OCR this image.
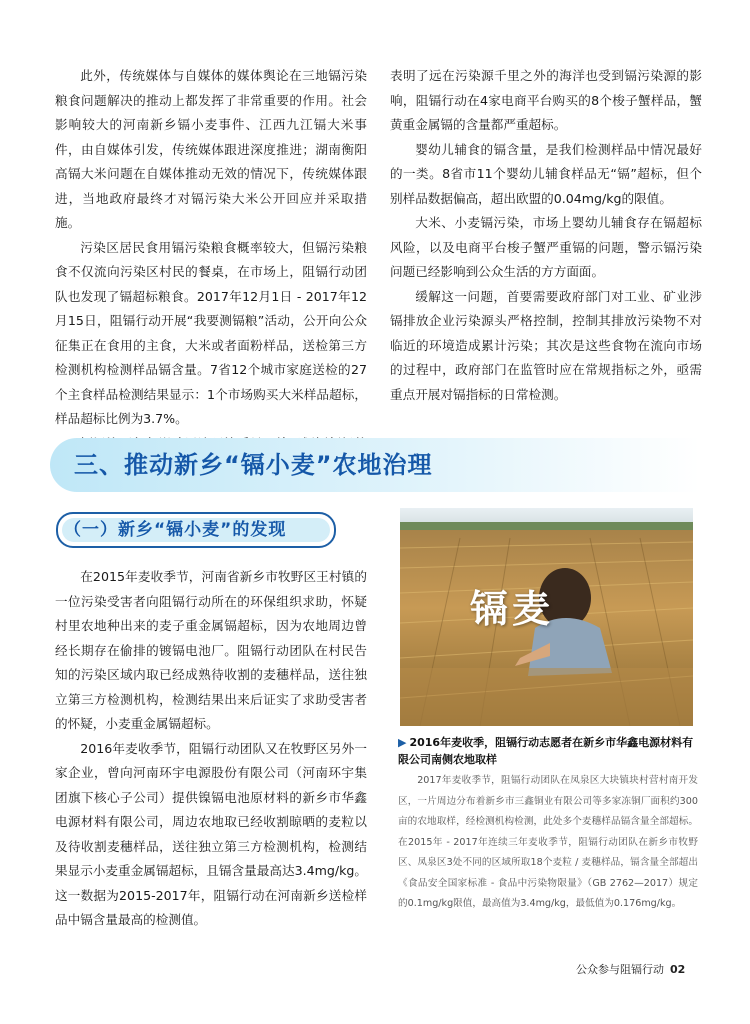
此外，传统媒体与自媒体的媒体舆论在三地镉污染粮食问题解决的推动上都发挥了非常重要的作用。社会影响较大的河南新乡镉小麦事件、江西九江镉大米事件，由自媒体引发，传统媒体跟进深度推进；湖南衡阳高镉大米问题在自媒体推动无效的情况下，传统媒体跟进，当地政府最终才对镉污染大米公开回应并采取措施。

污染区居民食用镉污染粮食概率较大，但镉污染粮食不仅流向污染区村民的餐桌，在市场上，阻镉行动团队也发现了镉超标粮食。2017年12月1日 - 2017年12月15日，阻镉行动开展“我要测镉粮”活动，公开向公众征集正在食用的主食，大米或者面粉样品，送检第三方检测机构检测样品镉含量。7省12个城市家庭送检的27个主食样品检测结果显示：1个市场购买大米样品超标，样品超标比例为3.7%。

表明了远在污染源千里之外的海洋也受到镉污染源的影响，阻镉行动在4家电商平台购买的8个梭子蟹样品，蟹黄重金属镉的含量都严重超标。

婴幼儿辅食的镉含量，是我们检测样品中情况最好的一类。8省市11个婴幼儿辅食样品无“镉”超标，但个别样品数据偏高，超出欧盟的0.04mg/kg的限值。

大米、小麦镉污染，市场上婴幼儿辅食存在镉超标风险，以及电商平台梭子蟹严重镉的问题，警示镉污染问题已经影响到公众生活的方方面面。

缓解这一问题，首要需要政府部门对工业、矿业涉镉排放企业污染源头严格控制，控制其排放污染物不对临近的环境造成累计污染；其次是这些食物在流向市场的过程中，政府部门在监管时应在常规指标之外，亟需重点开展对镉指标的日常检测。

三、推动新乡“镉小麦”农地治理
（一）新乡“镉小麦”的发现

在2015年麦收季节，河南省新乡市牧野区王村镇的一位污染受害者向阻镉行动所在的环保组织求助，怀疑村里农地种出来的麦子重金属镉超标，因为农地周边曾经长期存在偷排的镀镉电池厂。阻镉行动团队在村民告知的污染区域内取已经成熟待收割的麦穗样品，送往独立第三方检测机构，检测结果出来后证实了求助受害者的怀疑，小麦重金属镉超标。

2016年麦收季节，阻镉行动团队又在牧野区另外一家企业，曾向河南环宇电源股份有限公司（河南环宇集团旗下核心子公司）提供镍镉电池原材料的新乡市华鑫电源材料有限公司，周边农地取已经收割晾晒的麦粒以及待收割麦穗样品，送往独立第三方检测机构，检测结果显示小麦重金属镉超标，且镉含量最高达3.4mg/kg。这一数据为2015-2017年，阻镉行动在河南新乡送检样品中镉含量最高的检测值。

镉麦
▶ 2016年麦收季，阻镉行动志愿者在新乡市华鑫电源材料有限公司南侧农地取样

2017年麦收季节，阻镉行动团队在凤泉区大块镇块村营村南开发区，一片周边分布着新乡市三鑫铜业有限公司等多家冻铜厂面积约300亩的农地取样，经检测机构检测，此处多个麦穗样品镉含量全部超标。在2015年 - 2017年连续三年麦收季节，阻镉行动团队在新乡市牧野区、凤泉区3处不同的区域所取18个麦粒 / 麦穗样品，镉含量全部超出《食品安全国家标准 - 食品中污染物限量》（GB 2762—2017）规定的0.1mg/kg限值，最高值为3.4mg/kg，最低值为0.176mg/kg。

公众参与阻镉行动 02
